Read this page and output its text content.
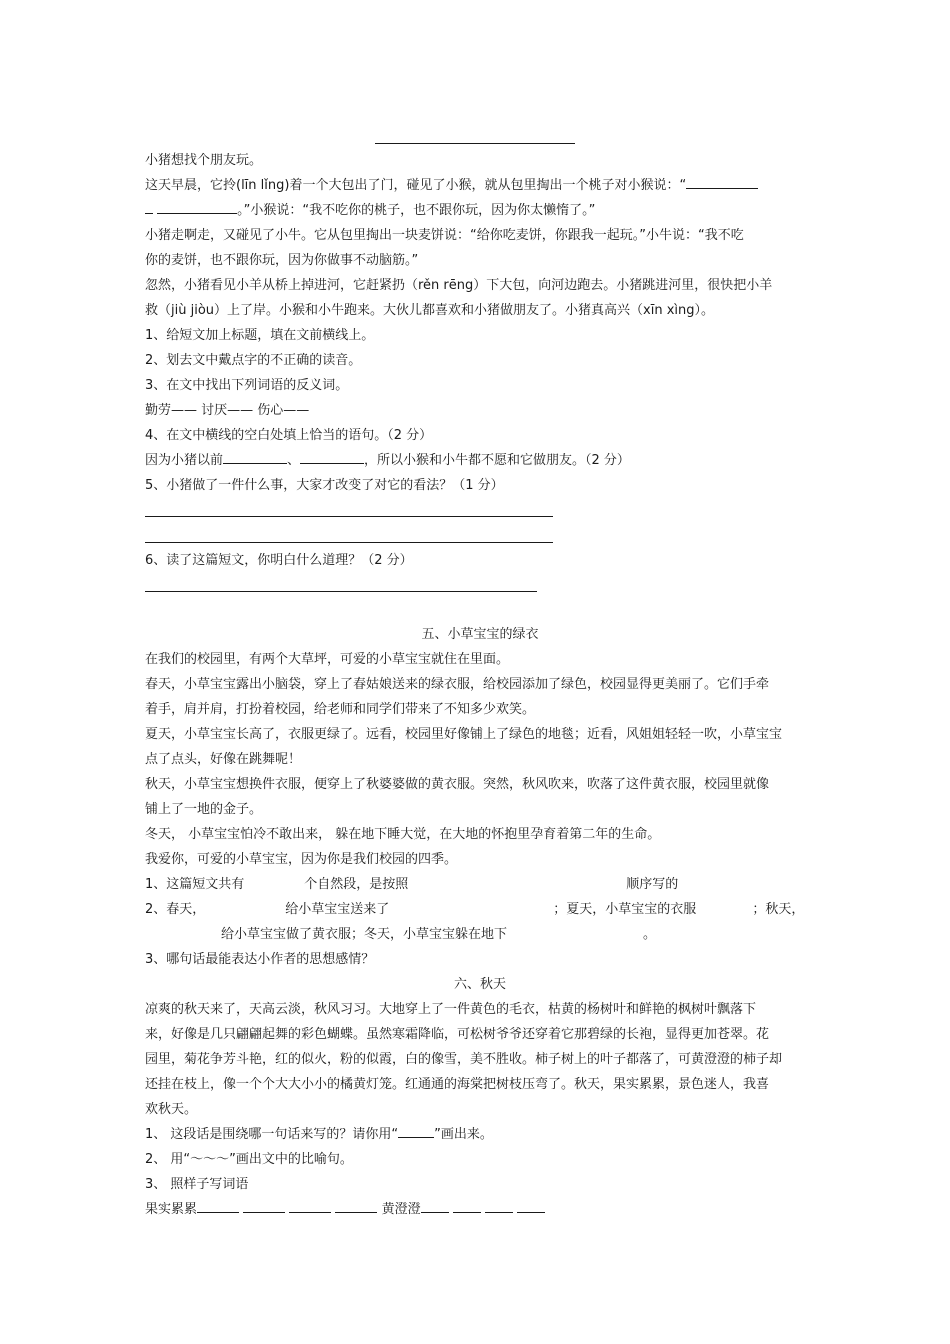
小猪想找个朋友玩。
这天早晨，它拎(līn lǐng)着一个大包出了门，碰见了小猴，就从包里掏出一个桃子对小猴说：“
。”小猴说：“我不吃你的桃子，也不跟你玩，因为你太懒惰了。”
小猪走啊走，又碰见了小牛。它从包里掏出一块麦饼说：“给你吃麦饼，你跟我一起玩。”小牛说：“我不吃
你的麦饼，也不跟你玩，因为你做事不动脑筋。”
忽然，小猪看见小羊从桥上掉进河，它赶紧扔（rěn rēng）下大包，向河边跑去。小猪跳进河里，很快把小羊
救（jiù jiòu）上了岸。小猴和小牛跑来。大伙儿都喜欢和小猪做朋友了。小猪真高兴（xīn xìng）。
1、给短文加上标题，填在文前横线上。
2、划去文中戴点字的不正确的读音。
3、在文中找出下列词语的反义词。
勤劳—— 讨厌—— 伤心——
4、在文中横线的空白处填上恰当的语句。（2 分）
因为小猪以前	、	，所以小猴和小牛都不愿和它做朋友。（2 分）
5、小猪做了一件什么事，大家才改变了对它的看法？（1 分）
6、读了这篇短文，你明白什么道理？（2 分）
五、小草宝宝的绿衣
在我们的校园里，有两个大草坪，可爱的小草宝宝就住在里面。
春天，小草宝宝露出小脑袋，穿上了春姑娘送来的绿衣服，给校园添加了绿色，校园显得更美丽了。它们手牵
着手，肩并肩，打扮着校园，给老师和同学们带来了不知多少欢笑。
夏天，小草宝宝长高了，衣服更绿了。远看，校园里好像铺上了绿色的地毯；近看，风姐姐轻轻一吹，小草宝宝
点了点头，好像在跳舞呢！
秋天，小草宝宝想换件衣服，便穿上了秋婆婆做的黄衣服。突然，秋风吹来，吹落了这件黄衣服，校园里就像
铺上了一地的金子。
冬天， 小草宝宝怕冷不敢出来， 躲在地下睡大觉，在大地的怀抱里孕育着第二年的生命。
我爱你，可爱的小草宝宝，因为你是我们校园的四季。
1、这篇短文共有	个自然段，是按照	顺序写的
2、春天，	给小草宝宝送来了	；夏天，小草宝宝的衣服	；秋天，
给小草宝宝做了黄衣服；冬天，小草宝宝躲在地下	。
3、哪句话最能表达小作者的思想感情？
六、秋天
凉爽的秋天来了，天高云淡，秋风习习。大地穿上了一件黄色的毛衣，枯黄的杨树叶和鲜艳的枫树叶飘落下
来，好像是几只翩翩起舞的彩色蝴蝶。虽然寒霜降临，可松树爷爷还穿着它那碧绿的长袍，显得更加苍翠。花
园里，菊花争芳斗艳，红的似火，粉的似霞，白的像雪，美不胜收。柿子树上的叶子都落了，可黄澄澄的柿子却
还挂在枝上，像一个个大大小小的橘黄灯笼。红通通的海棠把树枝压弯了。秋天，果实累累，景色迷人，我喜
欢秋天。
1、 这段话是围绕哪一句话来写的？请你用“	”画出来。
2、 用“～～～”画出文中的比喻句。
3、 照样子写词语
果实累累	黄澄澄
